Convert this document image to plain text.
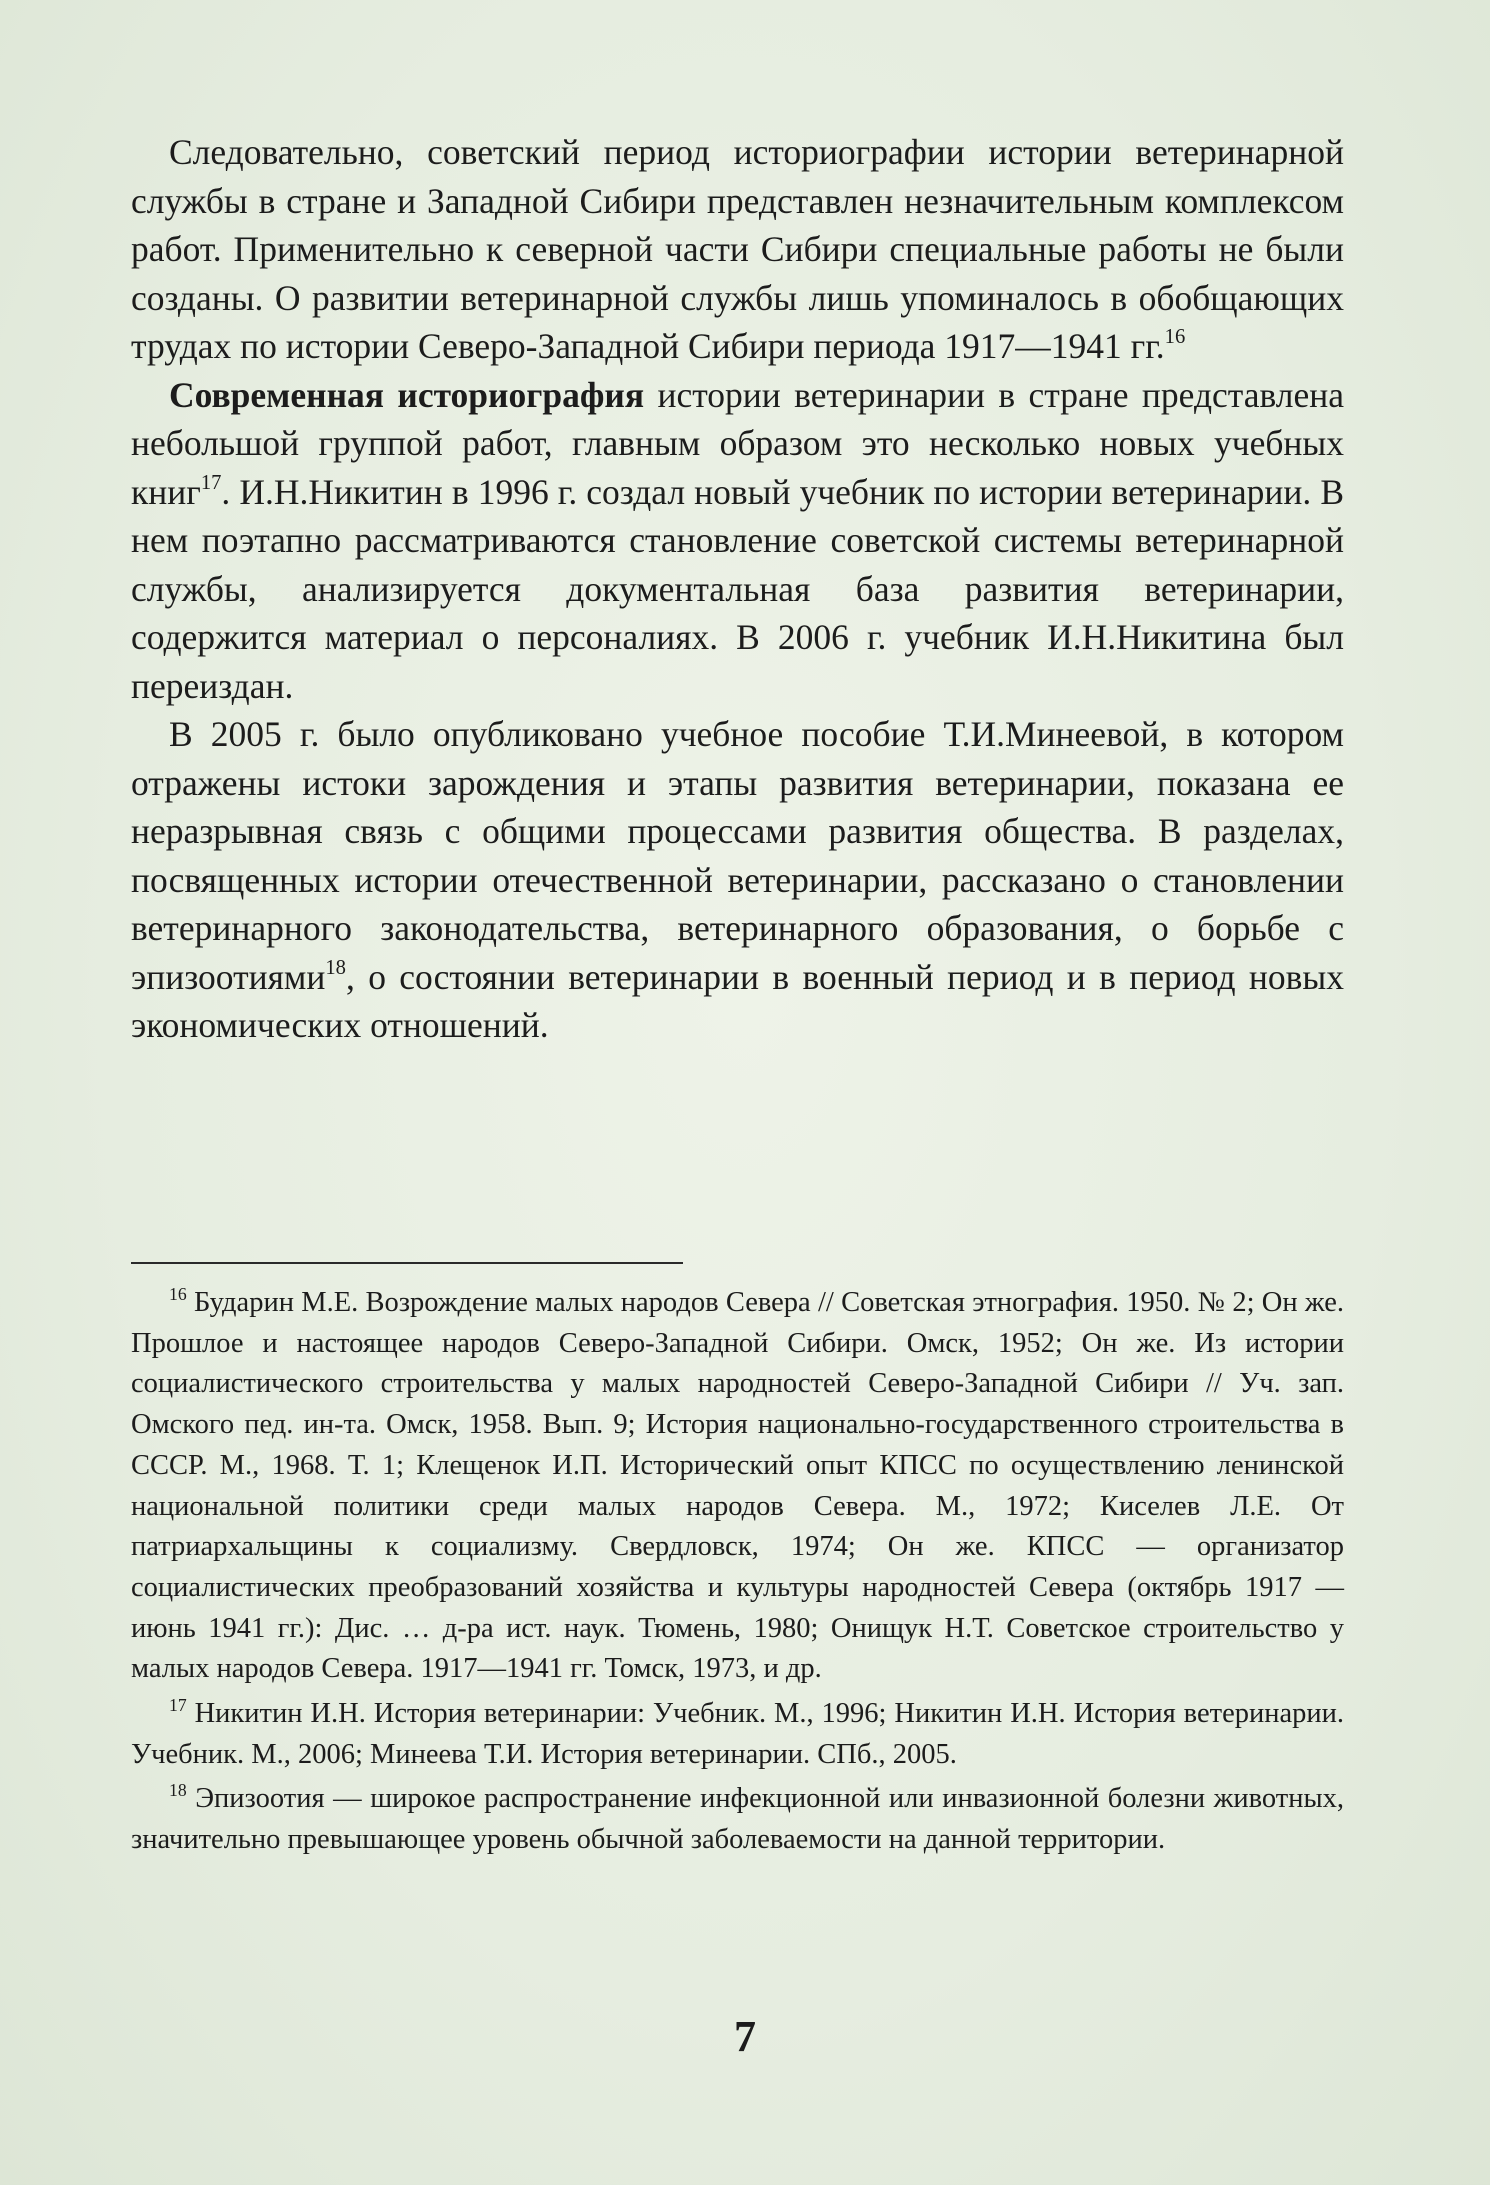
Следовательно, советский период историографии истории ветеринарной службы в стране и Западной Сибири представлен незначительным комплексом работ. Применительно к северной части Сибири специальные работы не были созданы. О развитии ветеринарной службы лишь упоминалось в обобщающих трудах по истории Северо-Западной Сибири периода 1917—1941 гг.$^{16}$

Современная историография истории ветеринарии в стране представлена небольшой группой работ, главным образом это несколько новых учебных книг$^{17}$. И.Н.Никитин в 1996 г. создал новый учебник по истории ветеринарии. В нем поэтапно рассматриваются становление советской системы ветеринарной службы, анализируется документальная база развития ветеринарии, содержится материал о персоналиях. В 2006 г. учебник И.Н.Никитина был переиздан.

В 2005 г. было опубликовано учебное пособие Т.И.Минеевой, в котором отражены истоки зарождения и этапы развития ветеринарии, показана ее неразрывная связь с общими процессами развития общества. В разделах, посвященных истории отечественной ветеринарии, рассказано о становлении ветеринарного законодательства, ветеринарного образования, о борьбе с эпизоотиями$^{18}$, о состоянии ветеринарии в военный период и в период новых экономических отношений.

$^{16}$ Бударин М.Е. Возрождение малых народов Севера // Советская этнография. 1950. № 2; Он же. Прошлое и настоящее народов Северо-Западной Сибири. Омск, 1952; Он же. Из истории социалистического строительства у малых народностей Северо-Западной Сибири // Уч. зап. Омского пед. ин-та. Омск, 1958. Вып. 9; История национально-государственного строительства в СССР. М., 1968. Т. 1; Клещенок И.П. Исторический опыт КПСС по осуществлению ленинской национальной политики среди малых народов Севера. М., 1972; Киселев Л.Е. От патриархальщины к социализму. Свердловск, 1974; Он же. КПСС — организатор социалистических преобразований хозяйства и культуры народностей Севера (октябрь 1917 — июнь 1941 гг.): Дис. … д-ра ист. наук. Тюмень, 1980; Онищук Н.Т. Советское строительство у малых народов Севера. 1917—1941 гг. Томск, 1973, и др.

$^{17}$ Никитин И.Н. История ветеринарии: Учебник. М., 1996; Никитин И.Н. История ветеринарии. Учебник. М., 2006; Минеева Т.И. История ветеринарии. СПб., 2005.

$^{18}$ Эпизоотия — широкое распространение инфекционной или инвазионной болезни животных, значительно превышающее уровень обычной заболеваемости на данной территории.

7
